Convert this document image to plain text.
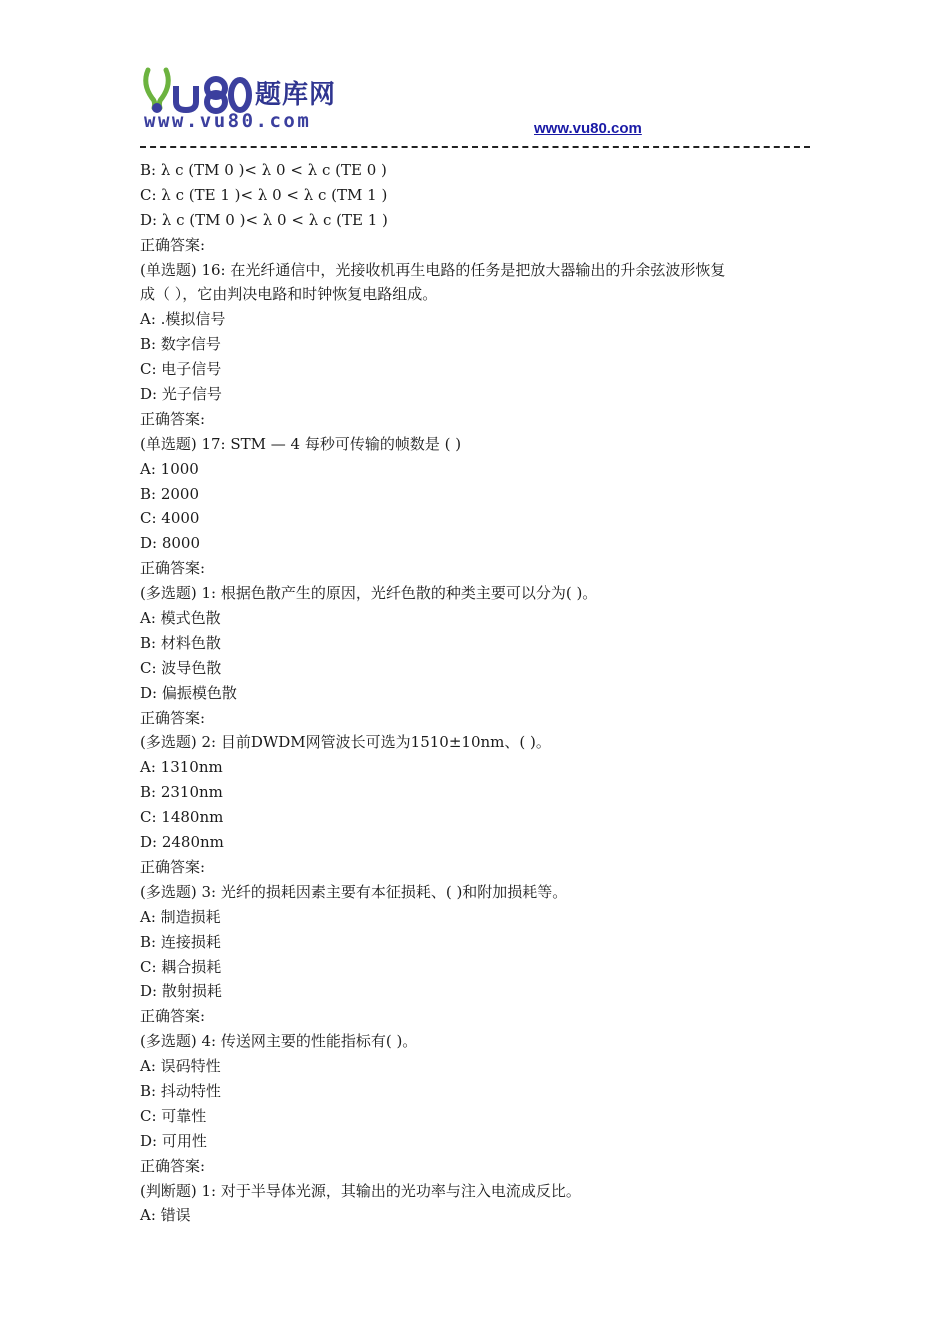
题库网
www.vu80.com	www.vu80.com

B: λ c (TM 0 )< λ 0 < λ c (TE 0 )

C: λ c (TE 1 )< λ 0 < λ c (TM 1 )

D: λ c (TM 0 )< λ 0 < λ c (TE 1 )

正确答案:

(单选题) 16: 在光纤通信中，光接收机再生电路的任务是把放大器输出的升余弦波形恢复

成（ ），它由判决电路和时钟恢复电路组成。

A: .模拟信号

B: 数字信号

C: 电子信号

D: 光子信号

正确答案:

(单选题) 17: STM — 4 每秒可传输的帧数是 ( )

A: 1000

B: 2000

C: 4000

D: 8000

正确答案:

(多选题) 1: 根据色散产生的原因，光纤色散的种类主要可以分为( )。

A: 模式色散

B: 材料色散

C: 波导色散

D: 偏振模色散

正确答案:

(多选题) 2: 目前DWDM网管波长可选为1510±10nm、( )。

A: 1310nm

B: 2310nm

C: 1480nm

D: 2480nm

正确答案:

(多选题) 3: 光纤的损耗因素主要有本征损耗、( )和附加损耗等。

A: 制造损耗

B: 连接损耗

C: 耦合损耗

D: 散射损耗

正确答案:

(多选题) 4: 传送网主要的性能指标有( )。

A: 误码特性

B: 抖动特性

C: 可靠性

D: 可用性

正确答案:

(判断题) 1: 对于半导体光源，其输出的光功率与注入电流成反比。

A: 错误
